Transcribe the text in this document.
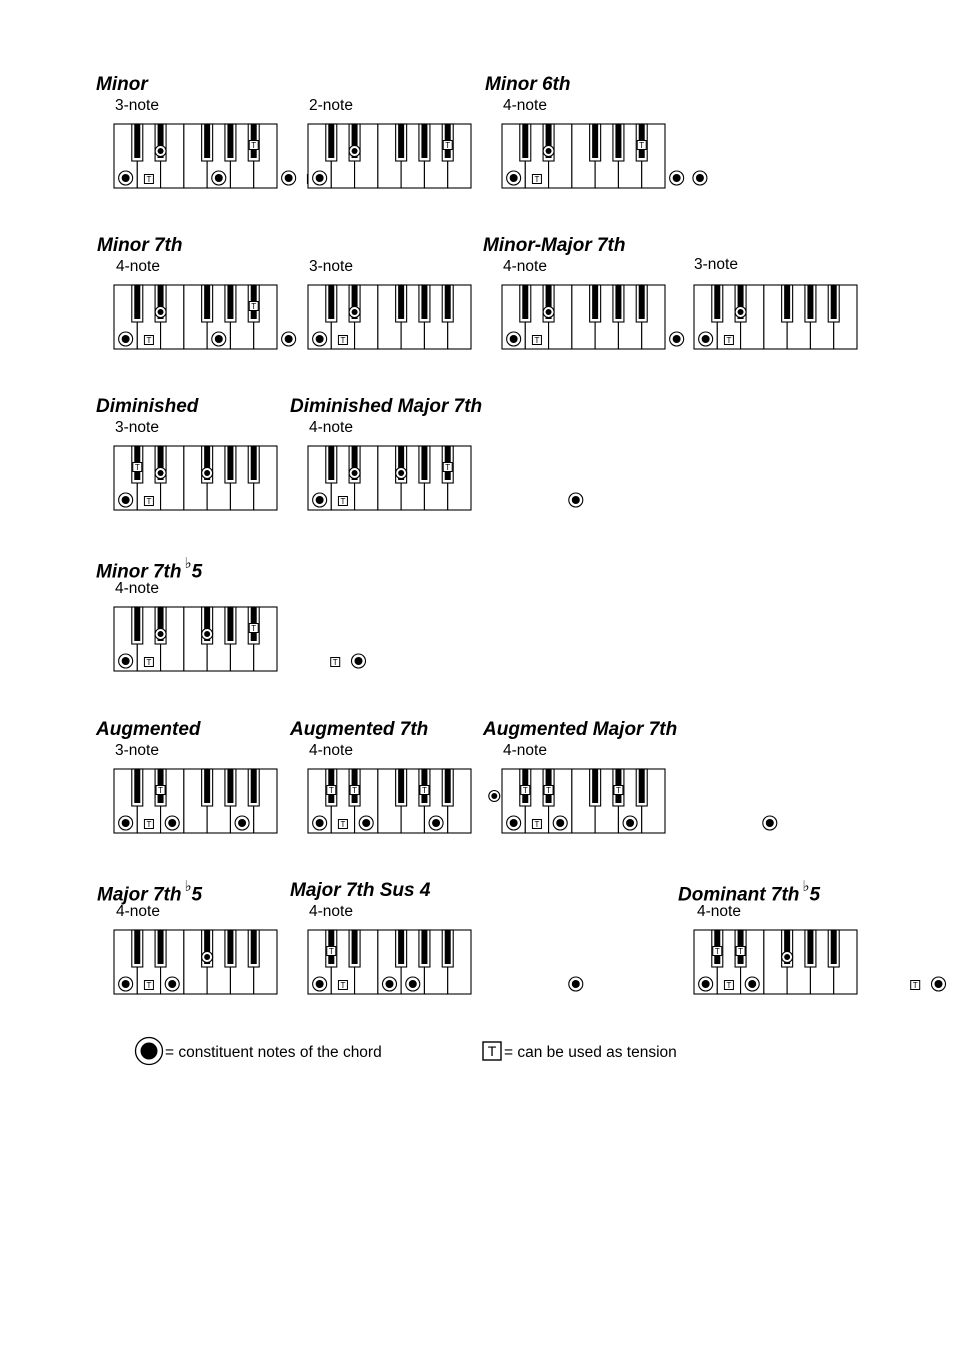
Minor
3-note	2-note
Minor 6th
4-note
Minor 7th
4-note	3-note
Minor-Major 7th
4-note	3-note
Diminished
3-note
Diminished Major 7th
4-note
Minor 7th ♭5
4-note
Augmented
3-note
Augmented 7th
4-note
Augmented Major 7th
4-note
Major 7th ♭5
4-note
Major 7th Sus 4
4-note
Dominant 7th ♭5
4-note
T
T	T
T
T
T
T
T	T	T
T
T	T
T
T
T
T
T
T	T
T
T	T	T
T
T	T
T
T
T
T
T
T
T
= constituent notes of the chord	T = can be used as tension
